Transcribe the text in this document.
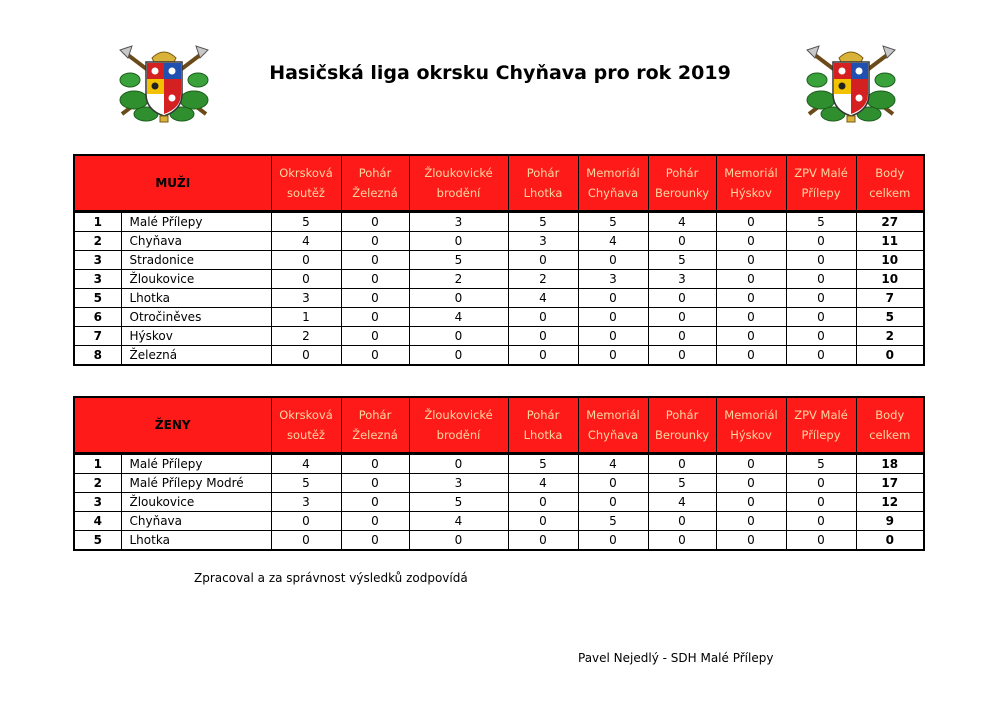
Hasičská liga okrsku Chyňava pro rok 2019
MUŽI		Okrsková soutěž	Pohár Železná	Žloukovické brodění	Pohár Lhotka	Memoriál Chyňava	Pohár Berounky	Memoriál Hýskov	ZPV Malé Přílepy	Body celkem
1	Malé Přílepy	5	0	3	5	5	4	0	5	27
2	Chyňava	4	0	0	3	4	0	0	0	11
3	Stradonice	0	0	5	0	0	5	0	0	10
3	Žloukovice	0	0	2	2	3	3	0	0	10
5	Lhotka	3	0	0	4	0	0	0	0	7
6	Otročiněves	1	0	4	0	0	0	0	0	5
7	Hýskov	2	0	0	0	0	0	0	0	2
8	Železná	0	0	0	0	0	0	0	0	0
ŽENY		Okrsková soutěž	Pohár Železná	Žloukovické brodění	Pohár Lhotka	Memoriál Chyňava	Pohár Berounky	Memoriál Hýskov	ZPV Malé Přílepy	Body celkem
1	Malé Přílepy	4	0	0	5	4	0	0	5	18
2	Malé Přílepy Modré	5	0	3	4	0	5	0	0	17
3	Žloukovice	3	0	5	0	0	4	0	0	12
4	Chyňava	0	0	4	0	5	0	0	0	9
5	Lhotka	0	0	0	0	0	0	0	0	0
Zpracoval a za správnost výsledků zodpovídá
Pavel Nejedlý - SDH Malé Přílepy
